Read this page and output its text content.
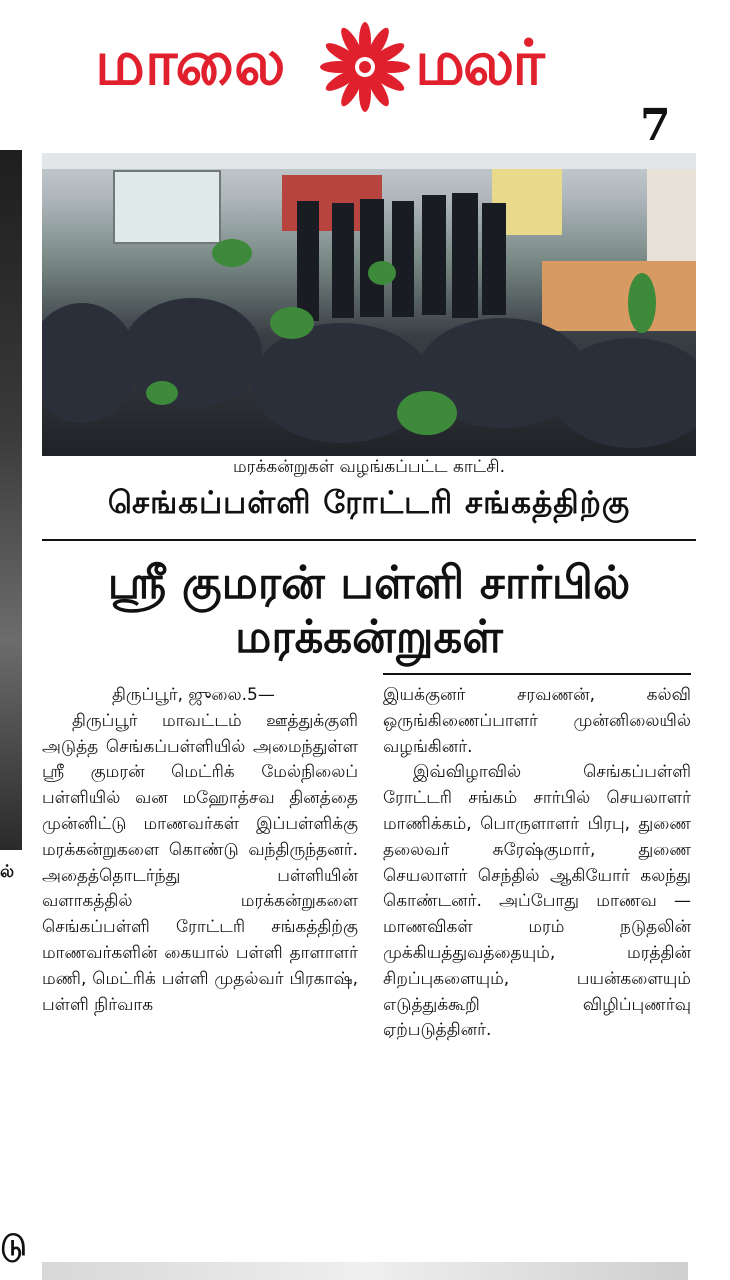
ல்
டு
மாலை மலர்
7
மரக்கன்றுகள் வழங்கப்பட்ட காட்சி.
செங்கப்பள்ளி ரோட்டரி சங்கத்திற்கு
ஸ்ரீ குமரன் பள்ளி சார்பில் மரக்கன்றுகள்

திருப்பூர், ஜுலை.5—

திருப்பூர் மாவட்டம் ஊத்துக்குளி அடுத்த செங்கப்பள்ளியில் அமைந்துள்ள ஸ்ரீ குமரன் மெட்ரிக் மேல்நிலைப் பள்ளியில் வன மஹோத்சவ தினத்தை முன்னிட்டு மாணவர்கள் இப்பள்ளிக்கு மரக்கன்றுகளை கொண்டு வந்திருந்தனர். அதைத்தொடர்ந்து பள்ளியின் வளாகத்தில் மரக்கன்றுகளை செங்கப்பள்ளி ரோட்டரி சங்கத்திற்கு மாணவர்களின் கையால் பள்ளி தாளாளர் மணி, மெட்ரிக் பள்ளி முதல்வர் பிரகாஷ், பள்ளி நிர்வாக

இயக்குனர் சரவணன், கல்வி ஒருங்கிணைப்பாளர் முன்னிலையில் வழங்கினர்.

இவ்விழாவில் செங்கப்பள்ளி ரோட்டரி சங்கம் சார்பில் செயலாளர் மாணிக்கம், பொருளாளர் பிரபு, துணை தலைவர் சுரேஷ்குமார், துணை செயலாளர் செந்தில் ஆகியோர் கலந்து கொண்டனர். அப்போது மாணவ —மாணவிகள் மரம் நடுதலின் முக்கியத்துவத்தையும், மரத்தின் சிறப்புகளையும், பயன்களையும் எடுத்துக்கூறி விழிப்புணர்வு ஏற்படுத்தினர்.
